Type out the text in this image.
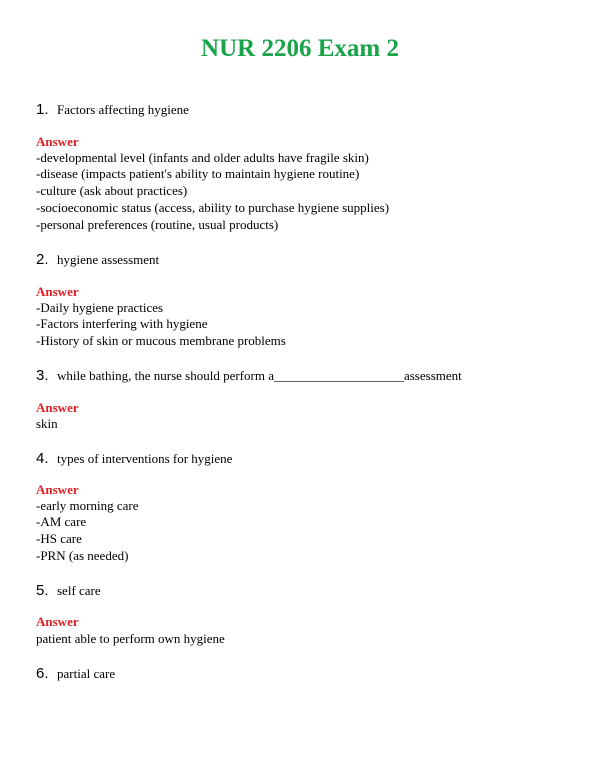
NUR 2206 Exam 2
1. Factors affecting hygiene
Answer
-developmental level (infants and older adults have fragile skin)
-disease (impacts patient's ability to maintain hygiene routine)
-culture (ask about practices)
-socioeconomic status (access, ability to purchase hygiene supplies)
-personal preferences (routine, usual products)
2. hygiene assessment
Answer
-Daily hygiene practices
-Factors interfering with hygiene
-History of skin or mucous membrane problems
3. while bathing, the nurse should perform a____________________assessment
Answer
skin
4. types of interventions for hygiene
Answer
-early morning care
-AM care
-HS care
-PRN (as needed)
5. self care
Answer
patient able to perform own hygiene
6. partial care
